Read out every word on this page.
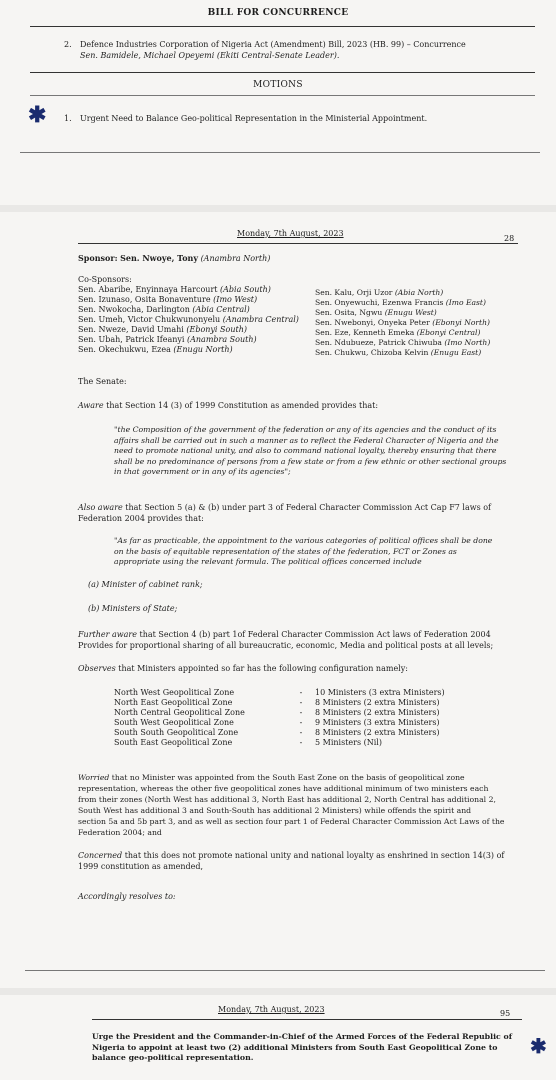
BILL FOR CONCURRENCE
2. Defence Industries Corporation of Nigeria Act (Amendment) Bill, 2023 (HB. 99) – Concurrence
Sen. Bamidele, Michael Opeyemi (Ekiti Central-Senate Leader).
MOTIONS
✱ 1. Urgent Need to Balance Geo-political Representation in the Ministerial Appointment.
Monday, 7th August, 2023
28
Sponsor: Sen. Nwoye, Tony (Anambra North)
Co-Sponsors:
Sen. Abaribe, Enyinnaya Harcourt (Abia South)
Sen. Izunaso, Osita Bonaventure (Imo West)
Sen. Nwokocha, Darlington (Abia Central)
Sen. Umeh, Victor Chukwunonyelu (Anambra Central)
Sen. Nweze, David Umahi (Ebonyi South)
Sen. Ubah, Patrick Ifeanyi (Anambra South)
Sen. Okechukwu, Ezea (Enugu North)
Sen. Kalu, Orji Uzor (Abia North)
Sen. Onyewuchi, Ezenwa Francis (Imo East)
Sen. Osita, Ngwu (Enugu West)
Sen. Nwebonyi, Onyeka Peter (Ebonyi North)
Sen. Eze, Kenneth Emeka (Ebonyi Central)
Sen. Ndubueze, Patrick Chiwuba (Imo North)
Sen. Chukwu, Chizoba Kelvin (Enugu East)
The Senate:
Aware that Section 14 (3) of 1999 Constitution as amended provides that:
"the Composition of the government of the federation or any of its agencies and the conduct of its
affairs shall be carried out in such a manner as to reflect the Federal Character of Nigeria and the
need to promote national unity, and also to command national loyalty, thereby ensuring that there
shall be no predominance of persons from a few state or from a few ethnic or other sectional groups
in that government or in any of its agencies";
Also aware that Section 5 (a) & (b) under part 3 of Federal Character Commission Act Cap F7 laws of
Federation 2004 provides that:
"As far as practicable, the appointment to the various categories of political offices shall be done
on the basis of equitable representation of the states of the federation, FCT or Zones as
appropriate using the relevant formula. The political offices concerned include
(a) Minister of cabinet rank;
(b) Ministers of State;
Further aware that Section 4 (b) part 1of Federal Character Commission Act laws of Federation 2004
Provides for proportional sharing of all bureaucratic, economic, Media and political posts at all levels;
Observes that Ministers appointed so far has the following configuration namely:
North West Geopolitical Zone	-	10 Ministers (3 extra Ministers)
North East Geopolitical Zone	-	8 Ministers (2 extra Ministers)
North Central Geopolitical Zone	-	8 Ministers (2 extra Ministers)
South West Geopolitical Zone	-	9 Ministers (3 extra Ministers)
South South Geopolitical Zone	-	8 Ministers (2 extra Ministers)
South East Geopolitical Zone	-	5 Ministers (Nil)
Worried that no Minister was appointed from the South East Zone on the basis of geopolitical zone
representation, whereas the other five geopolitical zones have additional minimum of two ministers each
from their zones (North West has additional 3, North East has additional 2, North Central has additional 2,
South West has additional 3 and South-South has additional 2 Ministers) while offends the spirit and
section 5a and 5b part 3, and as well as section four part 1 of Federal Character Commission Act Laws of the
Federation 2004; and
Concerned that this does not promote national unity and national loyalty as enshrined in section 14(3) of
1999 constitution as amended,
Accordingly resolves to:
Monday, 7th August, 2023	95
Urge the President and the Commander-in-Chief of the Armed Forces of the Federal Republic of
Nigeria to appoint at least two (2) additional Ministers from South East Geopolitical Zone to
balance geo-political representation.	✱
